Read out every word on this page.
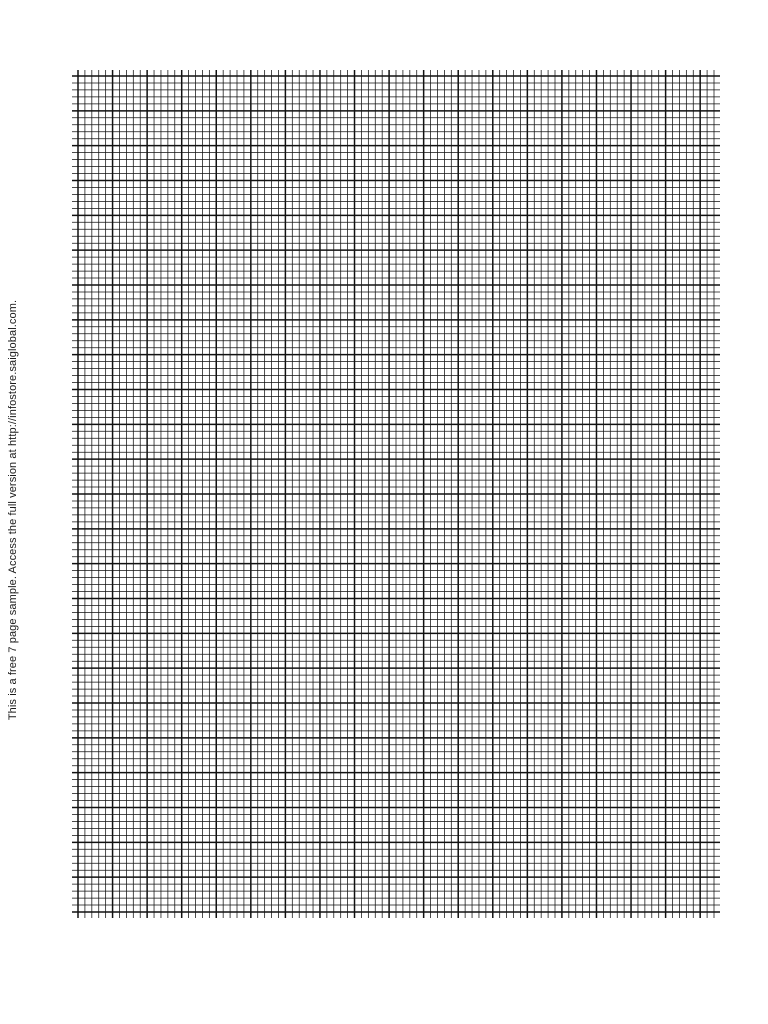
This is a free 7 page sample. Access the full version at http://infostore.saiglobal.com.
